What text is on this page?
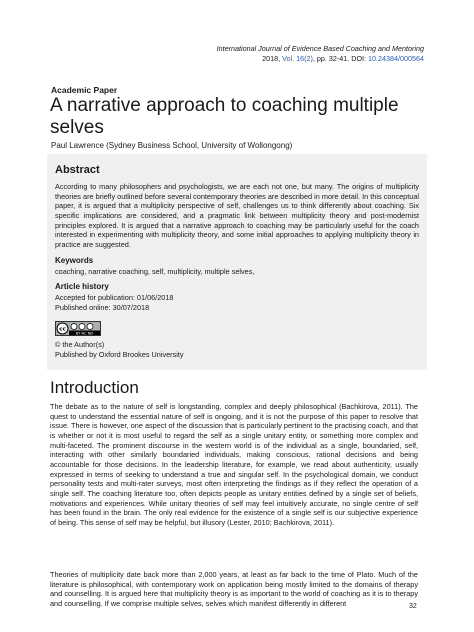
International Journal of Evidence Based Coaching and Mentoring
2018, Vol. 16(2), pp. 32-41. DOI: 10.24384/000564
Academic Paper
A narrative approach to coaching multiple selves
Paul Lawrence (Sydney Business School, University of Wollongong)
Abstract
According to many philosophers and psychologists, we are each not one, but many. The origins of multiplicity theories are briefly outlined before several contemporary theories are described in more detail. In this conceptual paper, it is argued that a multiplicity perspective of self, challenges us to think differently about coaching. Six specific implications are considered, and a pragmatic link between multiplicity theory and post-modernist principles explored. It is argued that a narrative approach to coaching may be particularly useful for the coach interested in experimenting with multiplicity theory, and some initial approaches to applying multiplicity theory in practice are suggested.
Keywords
coaching, narrative coaching, self, multiplicity, multiple selves,
Article history
Accepted for publication: 01/06/2018
Published online: 30/07/2018
cc
BY NC ND
© the Author(s)
Published by Oxford Brookes University
Introduction
The debate as to the nature of self is longstanding, complex and deeply philosophical (Bachkirova, 2011). The quest to understand the essential nature of self is ongoing, and it is not the purpose of this paper to resolve that issue. There is however, one aspect of the discussion that is particularly pertinent to the practising coach, and that is whether or not it is most useful to regard the self as a single unitary entity, or something more complex and multi-faceted. The prominent discourse in the western world is of the individual as a single, boundaried, self, interacting with other similarly boundaried individuals, making conscious, rational decisions and being accountable for those decisions. In the leadership literature, for example, we read about authenticity, usually expressed in terms of seeking to understand a true and singular self. In the psychological domain, we conduct personality tests and multi-rater surveys, most often interpreting the findings as if they reflect the operation of a single self. The coaching literature too, often depicts people as unitary entities defined by a single set of beliefs, motivations and experiences. While unitary theories of self may feel intuitively accurate, no single centre of self has been found in the brain. The only real evidence for the existence of a single self is our subjective experience of being. This sense of self may be helpful, but illusory (Lester, 2010; Bachkirova, 2011).
Theories of multiplicity date back more than 2,000 years, at least as far back to the time of Plato. Much of the literature is philosophical, with contemporary work on application being mostly limited to the domains of therapy and counselling. It is argued here that multiplicity theory is as important to the world of coaching as it is to therapy and counselling. If we comprise multiple selves, selves which manifest differently in different	32
